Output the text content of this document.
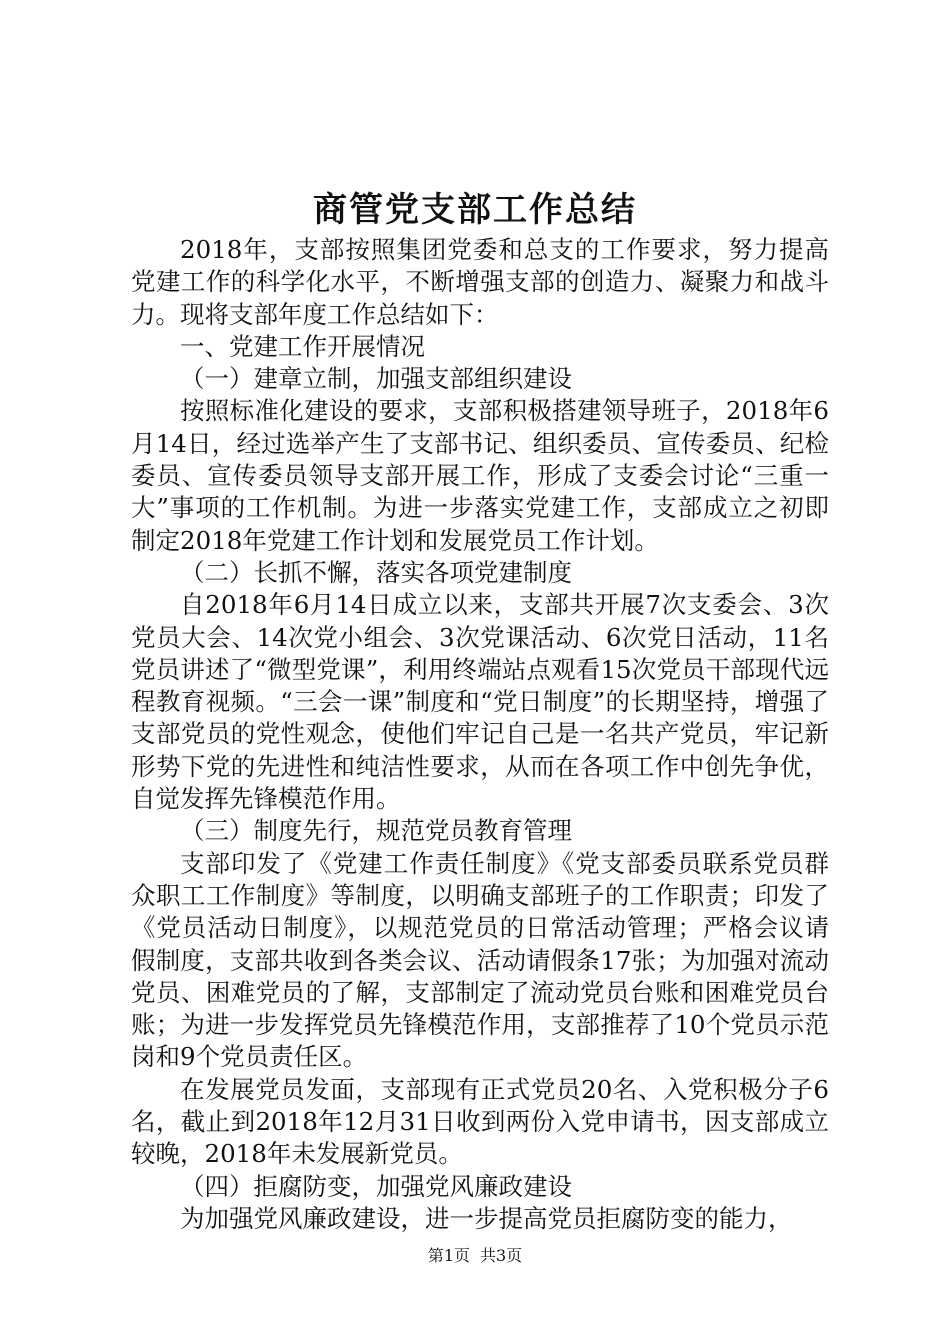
商管党支部工作总结

2018年，支部按照集团党委和总支的工作要求，努力提高党建工作的科学化水平，不断增强支部的创造力、凝聚力和战斗力。现将支部年度工作总结如下：

一、党建工作开展情况

（一）建章立制，加强支部组织建设

按照标准化建设的要求，支部积极搭建领导班子，2018年6月14日，经过选举产生了支部书记、组织委员、宣传委员、纪检委员、宣传委员领导支部开展工作，形成了支委会讨论“三重一大”事项的工作机制。为进一步落实党建工作，支部成立之初即制定2018年党建工作计划和发展党员工作计划。

（二）长抓不懈，落实各项党建制度

自2018年6月14日成立以来，支部共开展7次支委会、3次党员大会、14次党小组会、3次党课活动、6次党日活动，11名党员讲述了“微型党课”，利用终端站点观看15次党员干部现代远程教育视频。“三会一课”制度和“党日制度”的长期坚持，增强了支部党员的党性观念，使他们牢记自己是一名共产党员，牢记新形势下党的先进性和纯洁性要求，从而在各项工作中创先争优，自觉发挥先锋模范作用。

（三）制度先行，规范党员教育管理

支部印发了《党建工作责任制度》《党支部委员联系党员群众职工工作制度》等制度，以明确支部班子的工作职责；印发了《党员活动日制度》，以规范党员的日常活动管理；严格会议请假制度，支部共收到各类会议、活动请假条17张；为加强对流动党员、困难党员的了解，支部制定了流动党员台账和困难党员台账；为进一步发挥党员先锋模范作用，支部推荐了10个党员示范岗和9个党员责任区。

在发展党员发面，支部现有正式党员20名、入党积极分子6名，截止到2018年12月31日收到两份入党申请书，因支部成立较晚，2018年未发展新党员。

（四）拒腐防变，加强党风廉政建设

为加强党风廉政建设，进一步提高党员拒腐防变的能力，

第1页 共3页
